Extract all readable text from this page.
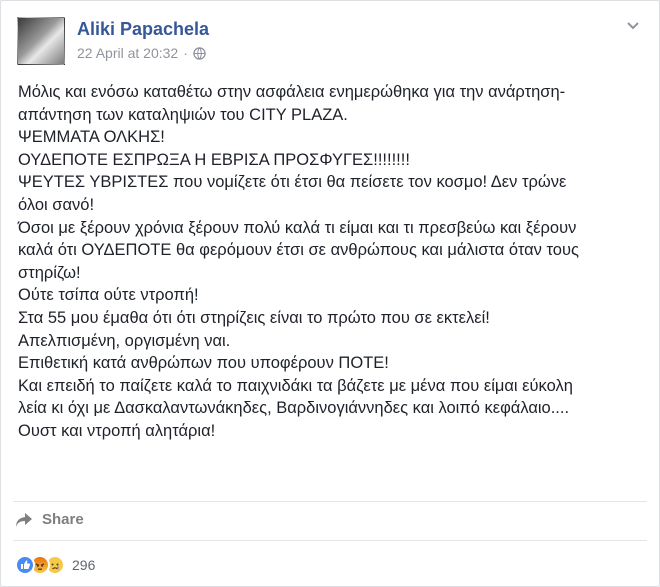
Aliki Papachela
22 April at 20:32 ·
Μόλις και ενόσω καταθέτω στην ασφάλεια ενημερώθηκα για την ανάρτηση-
απάντηση των καταληψιών του CITY PLAZA.
ΨΕΜΜΑΤΑ ΟΛΚΗΣ!
ΟΥΔΕΠΟΤΕ ΕΣΠΡΩΞΑ Η ΕΒΡΙΣΑ ΠΡΟΣΦΥΓΕΣ!!!!!!!!
ΨΕΥΤΕΣ ΥΒΡΙΣΤΕΣ που νομίζετε ότι έτσι θα πείσετε τον κοσμο! Δεν τρώνε
όλοι σανό!
Όσοι με ξέρουν χρόνια ξέρουν πολύ καλά τι είμαι και τι πρεσβεύω και ξέρουν
καλά ότι ΟΥΔΕΠΟΤΕ θα φερόμουν έτσι σε ανθρώπους και μάλιστα όταν τους
στηρίζω!
Ούτε τσίπα ούτε ντροπή!
Στα 55 μου έμαθα ότι ότι στηρίζεις είναι το πρώτο που σε εκτελεί!
Απελπισμένη, οργισμένη ναι.
Επιθετική κατά ανθρώπων που υποφέρουν ΠΟΤΕ!
Και επειδή το παίζετε καλά το παιχνιδάκι τα βάζετε με μένα που είμαι εύκολη
λεία κι όχι με Δασκαλαντωνάκηδες, Βαρδινογιάννηδες και λοιπό κεφάλαιο....
Ουστ και ντροπή αλητάρια!
Share
296
